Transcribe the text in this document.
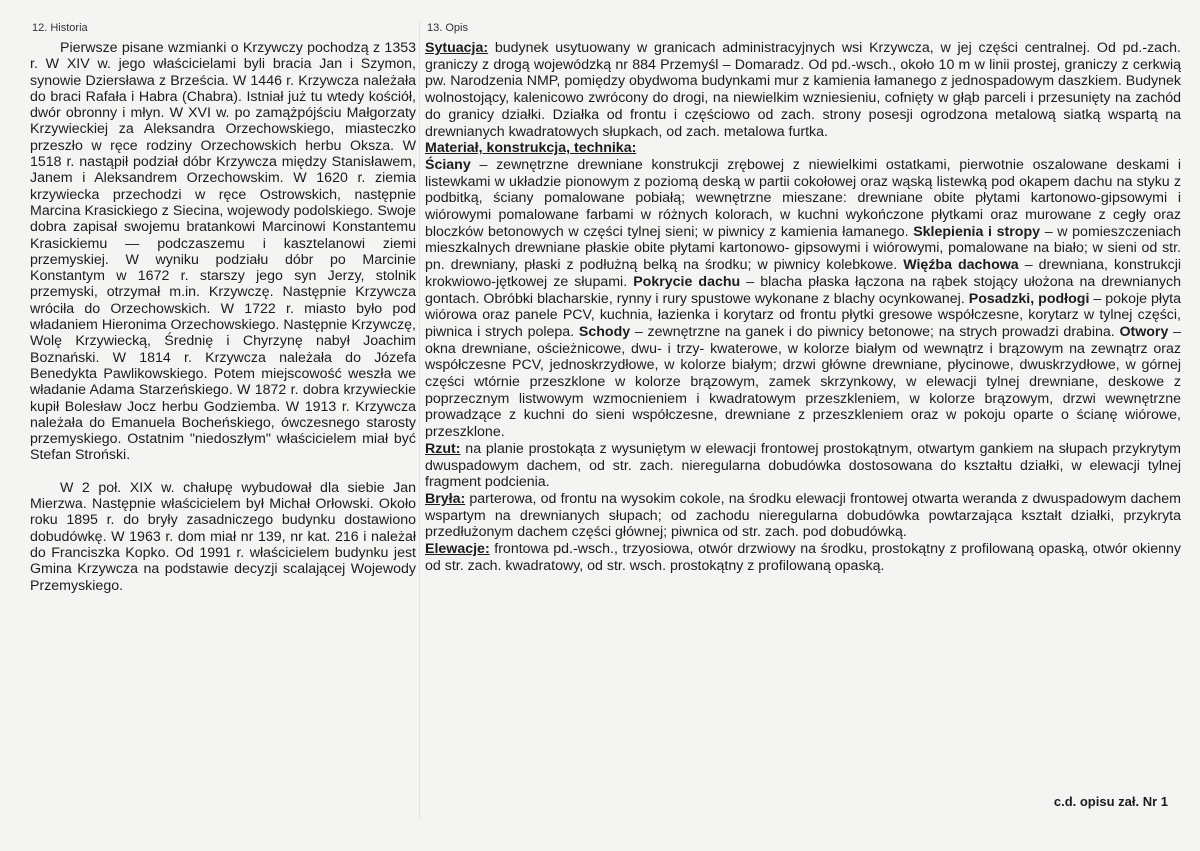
12. Historia

Pierwsze pisane wzmianki o Krzywczy pochodzą z 1353 r. W XIV w. jego właścicielami byli bracia Jan i Szymon, synowie Dziersława z Brześcia. W 1446 r. Krzywcza należała do braci Rafała i Habra (Chabra). Istniał już tu wtedy kościół, dwór obronny i młyn. W XVI w. po zamążpójściu Małgorzaty Krzywieckiej za Aleksandra Orzechowskiego, miasteczko przeszło w ręce rodziny Orzechowskich herbu Oksza. W 1518 r. nastąpił podział dóbr Krzywcza między Stanisławem, Janem i Aleksandrem Orzechowskim. W 1620 r. ziemia krzywiecka przechodzi w ręce Ostrowskich, następnie Marcina Krasickiego z Siecina, wojewody podolskiego. Swoje dobra zapisał swojemu bratankowi Marcinowi Konstantemu Krasickiemu — podczaszemu i kasztelanowi ziemi przemyskiej. W wyniku podziału dóbr po Marcinie Konstantym w 1672 r. starszy jego syn Jerzy, stolnik przemyski, otrzymał m.in. Krzywczę. Następnie Krzywcza wróciła do Orzechowskich. W 1722 r. miasto było pod władaniem Hieronima Orzechowskiego. Następnie Krzywczę, Wolę Krzywiecką, Średnię i Chyrzynę nabył Joachim Boznański. W 1814 r. Krzywcza należała do Józefa Benedykta Pawlikowskiego. Potem miejscowość weszła we władanie Adama Starzeńskiego. W 1872 r. dobra krzywieckie kupił Bolesław Jocz herbu Godziemba. W 1913 r. Krzywcza należała do Emanuela Bocheńskiego, ówczesnego starosty przemyskiego. Ostatnim "niedoszłym" właścicielem miał być Stefan Stroński.

W 2 poł. XIX w. chałupę wybudował dla siebie Jan Mierzwa. Następnie właścicielem był Michał Orłowski. Około roku 1895 r. do bryły zasadniczego budynku dostawiono dobudówkę. W 1963 r. dom miał nr 139, nr kat. 216 i należał do Franciszka Kopko. Od 1991 r. właścicielem budynku jest Gmina Krzywcza na podstawie decyzji scalającej Wojewody Przemyskiego.

13. Opis

Sytuacja: budynek usytuowany w granicach administracyjnych wsi Krzywcza, w jej części centralnej. Od pd.-zach. graniczy z drogą wojewódzką nr 884 Przemyśl – Domaradz. Od pd.-wsch., około 10 m w linii prostej, graniczy z cerkwią pw. Narodzenia NMP, pomiędzy obydwoma budynkami mur z kamienia łamanego z jednospadowym daszkiem. Budynek wolnostojący, kalenicowo zwrócony do drogi, na niewielkim wzniesieniu, cofnięty w głąb parceli i przesunięty na zachód do granicy działki. Działka od frontu i częściowo od zach. strony posesji ogrodzona metalową siatką wspartą na drewnianych kwadratowych słupkach, od zach. metalowa furtka.

Materiał, konstrukcja, technika:

Ściany – zewnętrzne drewniane konstrukcji zrębowej z niewielkimi ostatkami, pierwotnie oszalowane deskami i listewkami w układzie pionowym z poziomą deską w partii cokołowej oraz wąską listewką pod okapem dachu na styku z podbitką, ściany pomalowane pobiałą; wewnętrzne mieszane: drewniane obite płytami kartonowo-gipsowymi i wiórowymi pomalowane farbami w różnych kolorach, w kuchni wykończone płytkami oraz murowane z cegły oraz bloczków betonowych w części tylnej sieni; w piwnicy z kamienia łamanego. Sklepienia i stropy – w pomieszczeniach mieszkalnych drewniane płaskie obite płytami kartonowo- gipsowymi i wiórowymi, pomalowane na biało; w sieni od str. pn. drewniany, płaski z podłużną belką na środku; w piwnicy kolebkowe. Więźba dachowa – drewniana, konstrukcji krokwiowo-jętkowej ze słupami. Pokrycie dachu – blacha płaska łączona na rąbek stojący ułożona na drewnianych gontach. Obróbki blacharskie, rynny i rury spustowe wykonane z blachy ocynkowanej. Posadzki, podłogi – pokoje płyta wiórowa oraz panele PCV, kuchnia, łazienka i korytarz od frontu płytki gresowe współczesne, korytarz w tylnej części, piwnica i strych polepa. Schody – zewnętrzne na ganek i do piwnicy betonowe; na strych prowadzi drabina. Otwory – okna drewniane, ościeżnicowe, dwu- i trzy- kwaterowe, w kolorze białym od wewnątrz i brązowym na zewnątrz oraz współczesne PCV, jednoskrzydłowe, w kolorze białym; drzwi główne drewniane, płycinowe, dwuskrzydłowe, w górnej części wtórnie przeszklone w kolorze brązowym, zamek skrzynkowy, w elewacji tylnej drewniane, deskowe z poprzecznym listwowym wzmocnieniem i kwadratowym przeszkleniem, w kolorze brązowym, drzwi wewnętrzne prowadzące z kuchni do sieni współczesne, drewniane z przeszkleniem oraz w pokoju oparte o ścianę wiórowe, przeszklone.

Rzut: na planie prostokąta z wysuniętym w elewacji frontowej prostokątnym, otwartym gankiem na słupach przykrytym dwuspadowym dachem, od str. zach. nieregularna dobudówka dostosowana do kształtu działki, w elewacji tylnej fragment podcienia.

Bryła: parterowa, od frontu na wysokim cokole, na środku elewacji frontowej otwarta weranda z dwuspadowym dachem wspartym na drewnianych słupach; od zachodu nieregularna dobudówka powtarzająca kształt działki, przykryta przedłużonym dachem części głównej; piwnica od str. zach. pod dobudówką.

Elewacje: frontowa pd.-wsch., trzyosiowa, otwór drzwiowy na środku, prostokątny z profilowaną opaską, otwór okienny od str. zach. kwadratowy, od str. wsch. prostokątny z profilowaną opaską.

c.d. opisu zał. Nr 1
